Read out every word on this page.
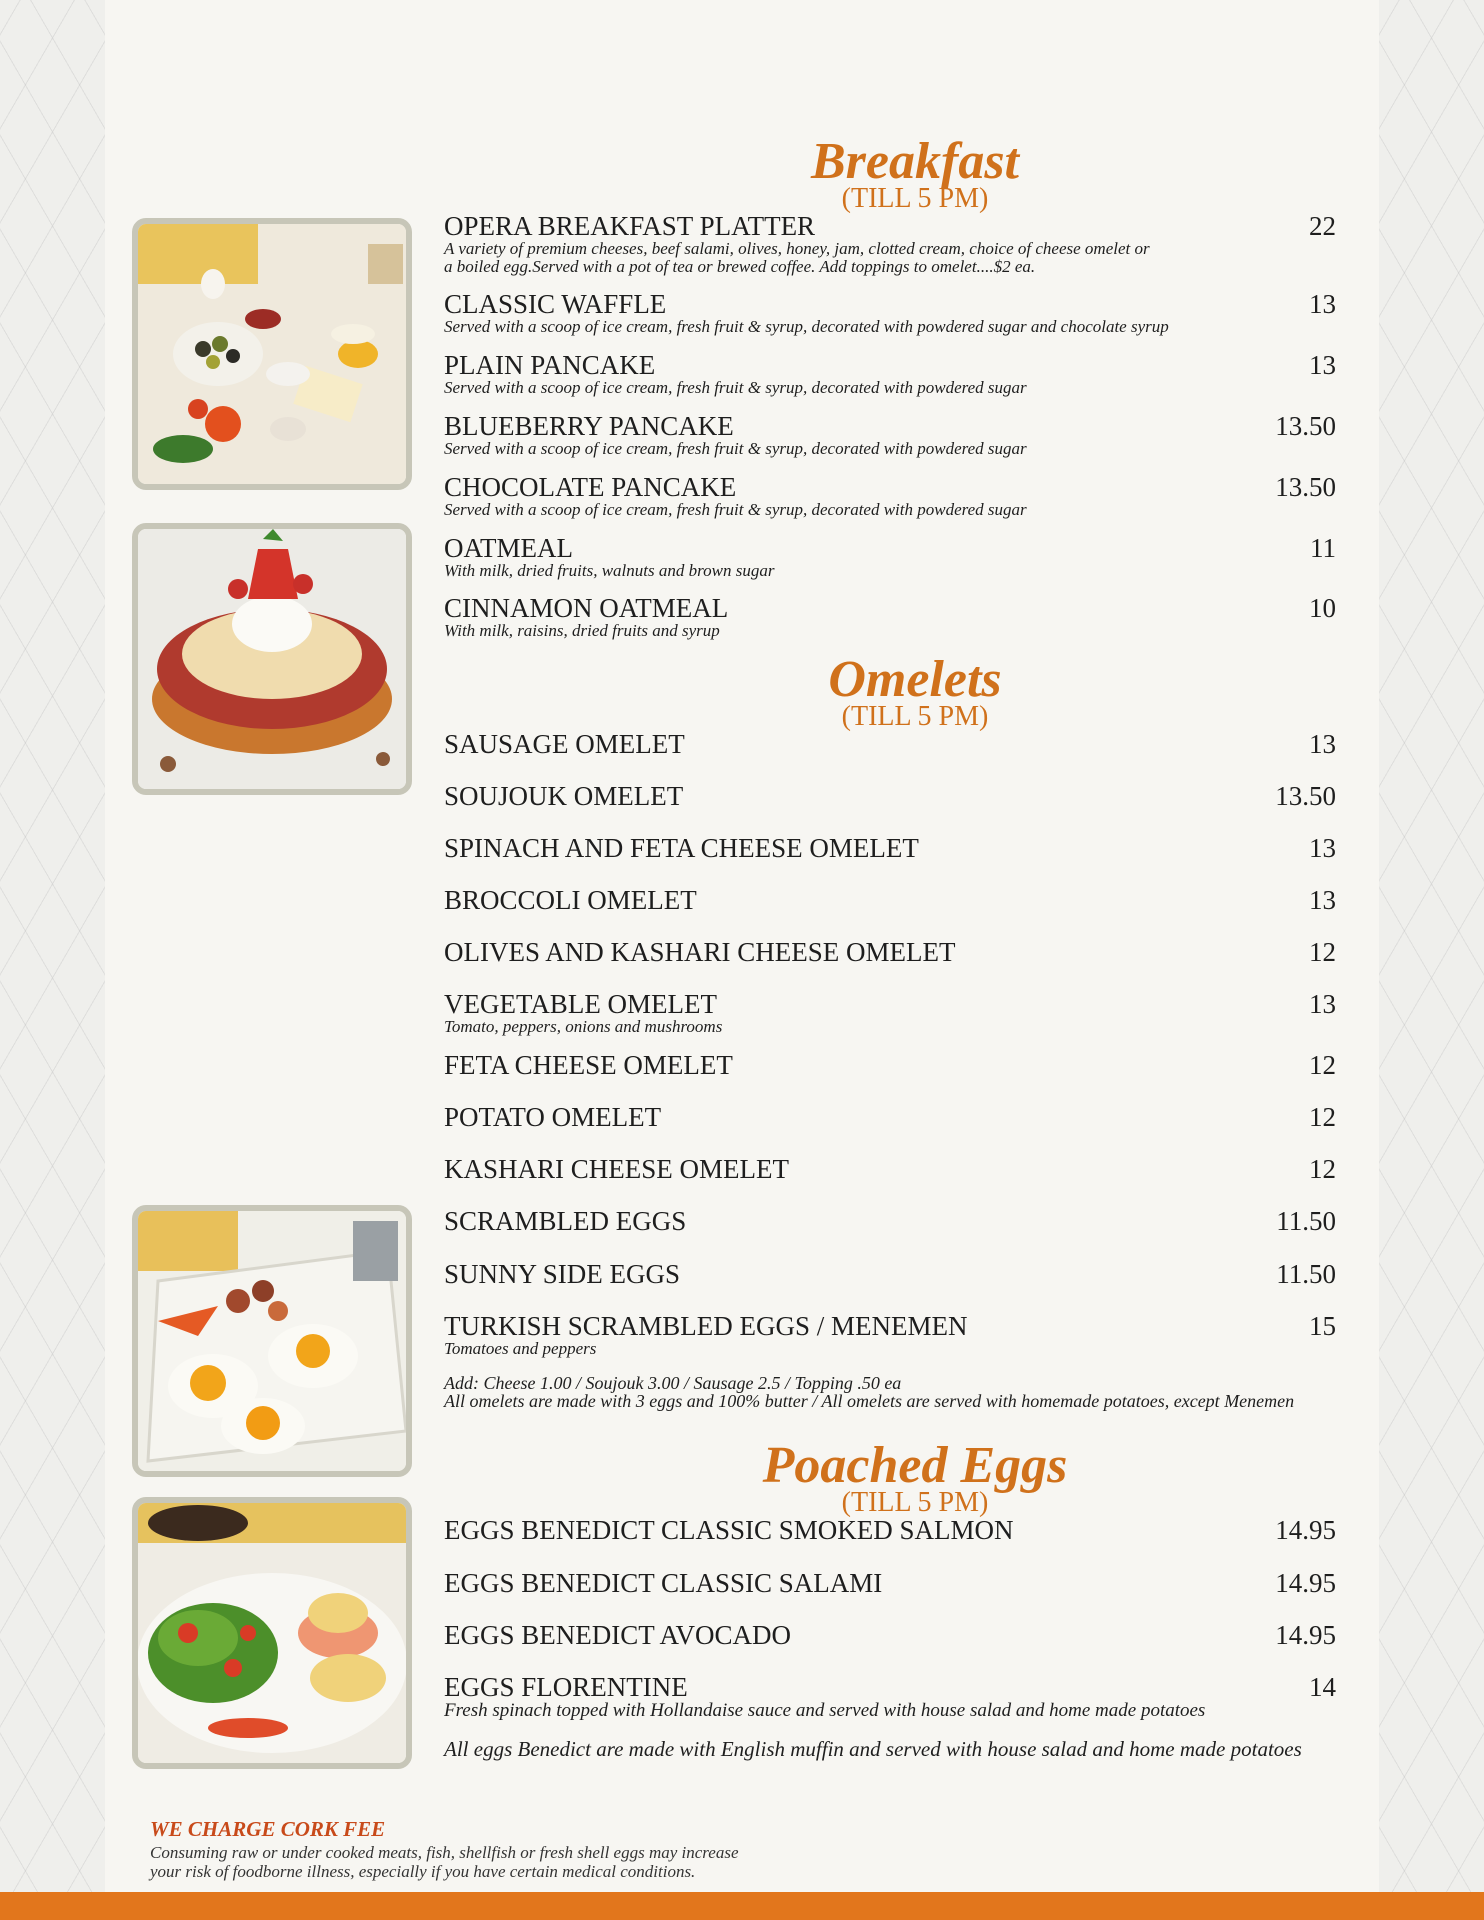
Breakfast
(TILL 5 PM)
OPERA BREAKFAST PLATTER	22
A variety of premium cheeses, beef salami, olives, honey, jam, clotted cream, choice of cheese omelet or
a boiled egg.Served with a pot of tea or brewed coffee. Add toppings to omelet....$2 ea.
CLASSIC WAFFLE	13
Served with a scoop of ice cream, fresh fruit & syrup, decorated with powdered sugar and chocolate syrup
PLAIN PANCAKE	13
Served with a scoop of ice cream, fresh fruit & syrup, decorated with powdered sugar
BLUEBERRY PANCAKE	13.50
Served with a scoop of ice cream, fresh fruit & syrup, decorated with powdered sugar
CHOCOLATE PANCAKE	13.50
Served with a scoop of ice cream, fresh fruit & syrup, decorated with powdered sugar
OATMEAL	11
With milk, dried fruits, walnuts and brown sugar
CINNAMON OATMEAL	10
With milk, raisins, dried fruits and syrup
Omelets
(TILL 5 PM)
SAUSAGE OMELET	13
SOUJOUK OMELET	13.50
SPINACH AND FETA CHEESE OMELET	13
BROCCOLI OMELET	13
OLIVES AND KASHARI CHEESE OMELET	12
VEGETABLE OMELET	13
Tomato, peppers, onions and mushrooms
FETA CHEESE OMELET	12
POTATO OMELET	12
KASHARI CHEESE OMELET	12
SCRAMBLED EGGS	11.50
SUNNY SIDE EGGS	11.50
TURKISH SCRAMBLED EGGS / MENEMEN	15
Tomatoes and peppers
Add: Cheese 1.00 / Soujouk 3.00 / Sausage 2.5 / Topping .50 ea
All omelets are made with 3 eggs and 100% butter / All omelets are served with homemade potatoes, except Menemen
Poached Eggs
(TILL 5 PM)
EGGS BENEDICT CLASSIC SMOKED SALMON	14.95
EGGS BENEDICT CLASSIC SALAMI	14.95
EGGS BENEDICT AVOCADO	14.95
EGGS FLORENTINE	14
Fresh spinach topped with Hollandaise sauce and served with house salad and home made potatoes
All eggs Benedict are made with English muffin and served with house salad and home made potatoes
WE CHARGE CORK FEE
Consuming raw or under cooked meats, fish, shellfish or fresh shell eggs may increase
your risk of foodborne illness, especially if you have certain medical conditions.
